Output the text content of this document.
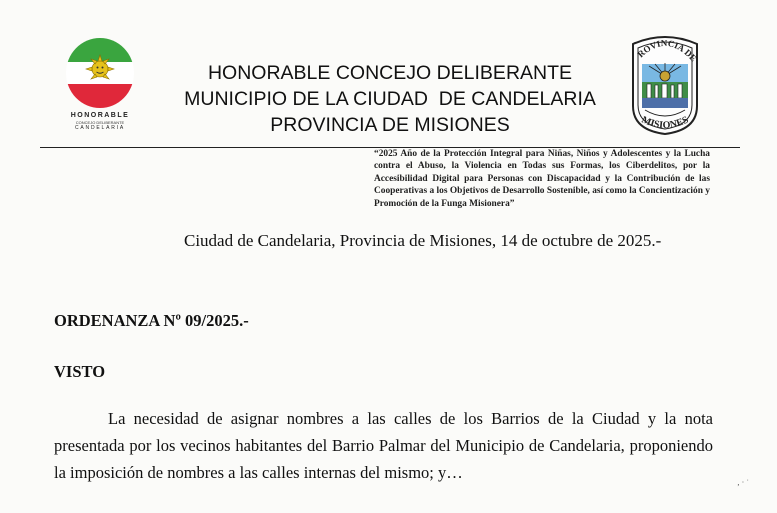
HONORABLE
CONCEJO DELIBERANTE
CANDELARIA
HONORABLE CONCEJO DELIBERANTE
MUNICIPIO DE LA CIUDAD  DE CANDELARIA
PROVINCIA DE MISIONES
ROVINCIA DE
MISIONES
“2025 Año de la Protección Integral para Niñas, Niños y Adolescentes y la Lucha contra el Abuso, la Violencia en Todas sus Formas, los Ciberdelitos, por la Accesibilidad Digital para Personas con Discapacidad y la Contribución de las Cooperativas a los Objetivos de Desarrollo Sostenible, así como la Concientización y Promoción de la Funga Misionera”
Ciudad de Candelaria, Provincia de Misiones, 14 de octubre de 2025.-
ORDENANZA Nº 09/2025.-
VISTO
La necesidad de asignar nombres a las calles de los Barrios de la Ciudad y la nota presentada por los vecinos habitantes del Barrio Palmar del Municipio de Candelaria, proponiendo la imposición de nombres a las calles internas del mismo; y…
‚ · ˙
